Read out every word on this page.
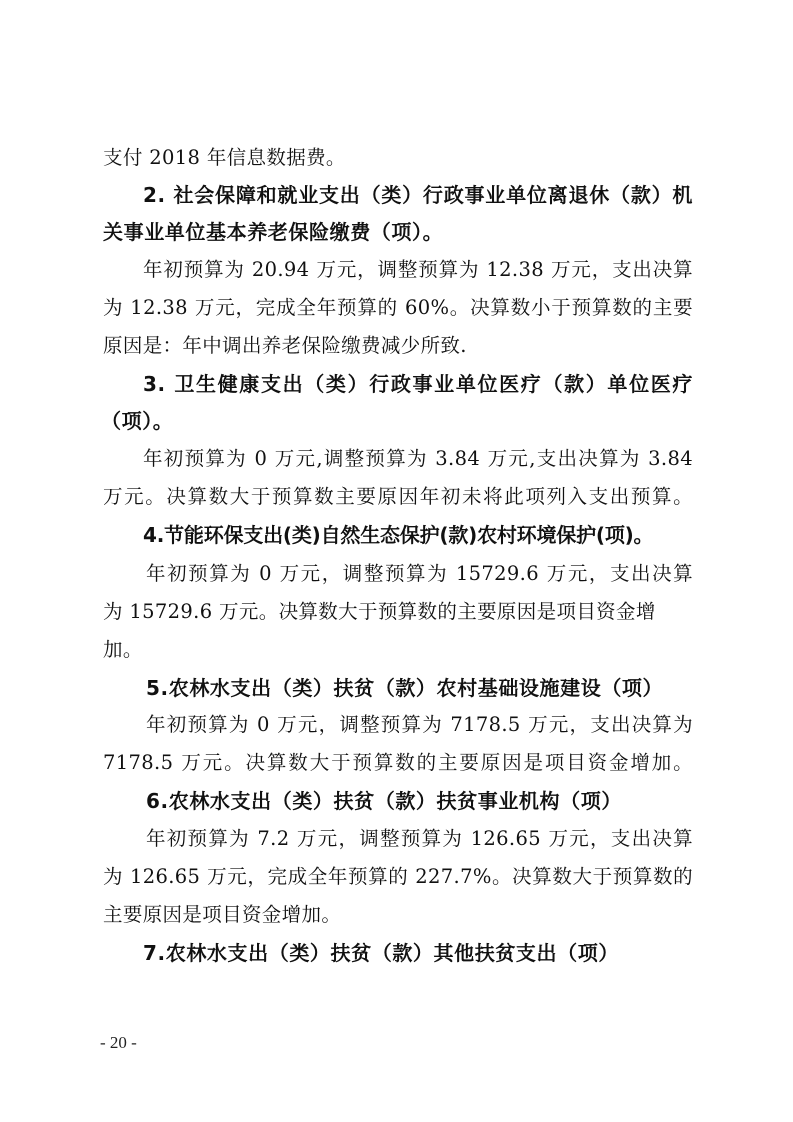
支付 2018 年信息数据费。
2. 社会保障和就业支出（类）行政事业单位离退休（款）机
关事业单位基本养老保险缴费（项）。
年初预算为 20.94 万元，调整预算为 12.38 万元，支出决算
为 12.38 万元，完成全年预算的 60%。决算数小于预算数的主要
原因是：年中调出养老保险缴费减少所致.
3. 卫生健康支出（类）行政事业单位医疗（款）单位医疗
（项）。
年初预算为 0 万元,调整预算为 3.84 万元,支出决算为 3.84
万元。决算数大于预算数主要原因年初未将此项列入支出预算。
4.节能环保支出(类)自然生态保护(款)农村环境保护(项)。
年初预算为 0 万元，调整预算为 15729.6 万元，支出决算
为 15729.6 万元。决算数大于预算数的主要原因是项目资金增
加。
5.农林水支出（类）扶贫（款）农村基础设施建设（项）
年初预算为 0 万元，调整预算为 7178.5 万元，支出决算为
7178.5 万元。决算数大于预算数的主要原因是项目资金增加。
6.农林水支出（类）扶贫（款）扶贫事业机构（项）
年初预算为 7.2 万元，调整预算为 126.65 万元，支出决算
为 126.65 万元，完成全年预算的 227.7%。决算数大于预算数的
主要原因是项目资金增加。
7.农林水支出（类）扶贫（款）其他扶贫支出（项）
- 20 -
